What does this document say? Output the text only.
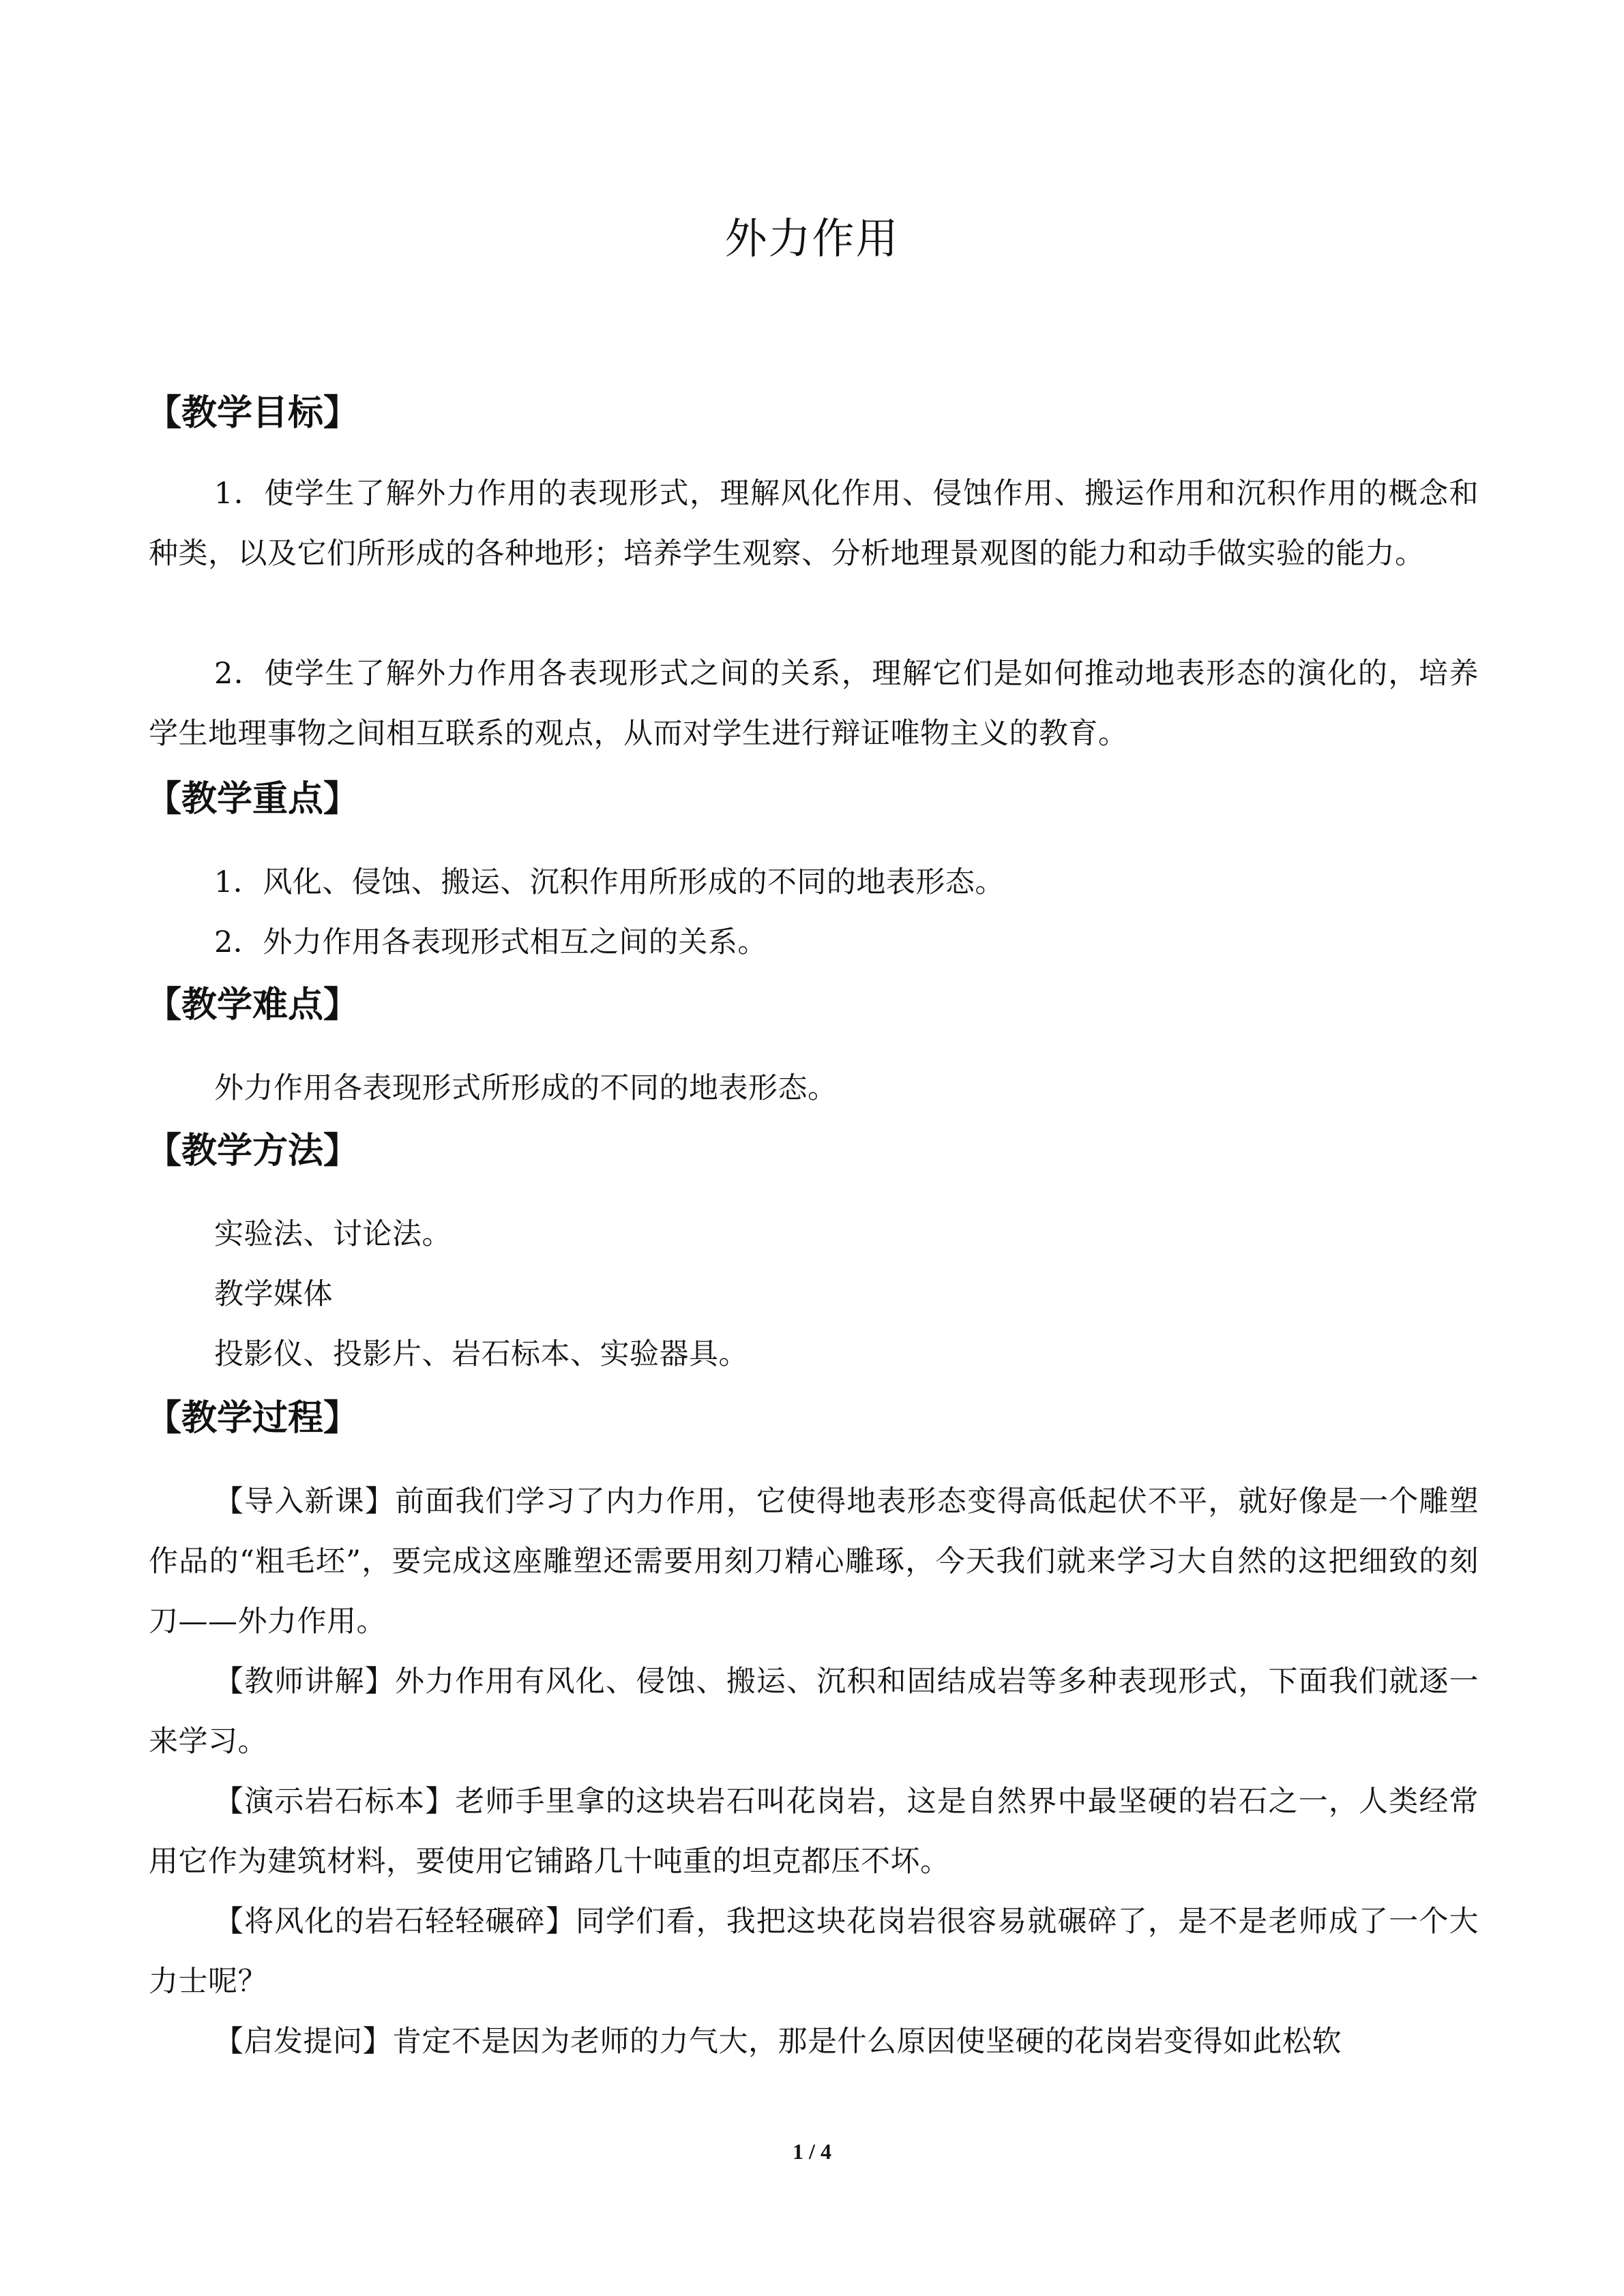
外力作用
【教学目标】
1．使学生了解外力作用的表现形式，理解风化作用、侵蚀作用、搬运作用和沉积作用的概念和种类，以及它们所形成的各种地形；培养学生观察、分析地理景观图的能力和动手做实验的能力。
2．使学生了解外力作用各表现形式之间的关系，理解它们是如何推动地表形态的演化的，培养学生地理事物之间相互联系的观点，从而对学生进行辩证唯物主义的教育。
【教学重点】
1．风化、侵蚀、搬运、沉积作用所形成的不同的地表形态。
2．外力作用各表现形式相互之间的关系。
【教学难点】
外力作用各表现形式所形成的不同的地表形态。
【教学方法】
实验法、讨论法。
教学媒体
投影仪、投影片、岩石标本、实验器具。
【教学过程】
【导入新课】前面我们学习了内力作用，它使得地表形态变得高低起伏不平，就好像是一个雕塑作品的“粗毛坯”，要完成这座雕塑还需要用刻刀精心雕琢，今天我们就来学习大自然的这把细致的刻刀——外力作用。
【教师讲解】外力作用有风化、侵蚀、搬运、沉积和固结成岩等多种表现形式，下面我们就逐一来学习。
【演示岩石标本】老师手里拿的这块岩石叫花岗岩，这是自然界中最坚硬的岩石之一，人类经常用它作为建筑材料，要使用它铺路几十吨重的坦克都压不坏。
【将风化的岩石轻轻碾碎】同学们看，我把这块花岗岩很容易就碾碎了，是不是老师成了一个大力士呢？
【启发提问】肯定不是因为老师的力气大，那是什么原因使坚硬的花岗岩变得如此松软
1 / 4
